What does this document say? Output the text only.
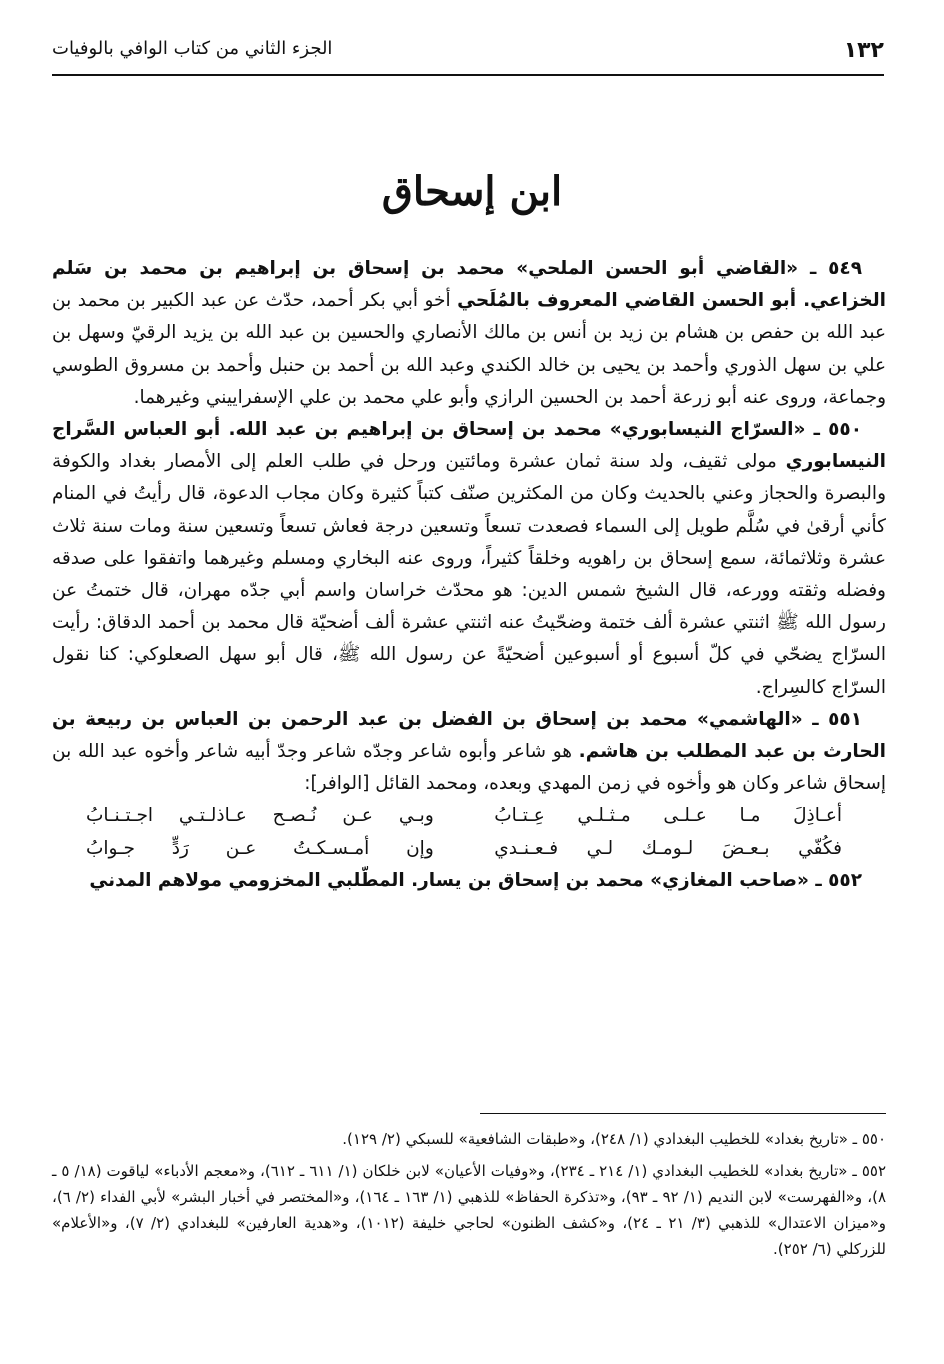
١٣٢
الجزء الثاني من كتاب الوافي بالوفيات
ابن إسحاق

٥٤٩ ـ «القاضي أبو الحسن الملحي» محمد بن إسحاق بن إبراهيم بن محمد بن سَلم الخزاعي. أبو الحسن القاضي المعروف بالمُلَحي أخو أبي بكر أحمد، حدّث عن عبد الكبير بن محمد بن عبد الله بن حفص بن هشام بن زيد بن أنس بن مالك الأنصاري والحسين بن عبد الله بن يزيد الرقيّ وسهل بن علي بن سهل الذوري وأحمد بن يحيى بن خالد الكندي وعبد الله بن أحمد بن حنبل وأحمد بن مسروق الطوسي وجماعة، وروى عنه أبو زرعة أحمد بن الحسين الرازي وأبو علي محمد بن علي الإسفراييني وغيرهما.

٥٥٠ ـ «السرّاج النيسابوري» محمد بن إسحاق بن إبراهيم بن عبد الله. أبو العباس السَّراج النيسابوري مولى ثقيف، ولد سنة ثمان عشرة ومائتين ورحل في طلب العلم إلى الأمصار بغداد والكوفة والبصرة والحجاز وعني بالحديث وكان من المكثرين صنّف كتباً كثيرة وكان مجاب الدعوة، قال رأيتُ في المنام كأني أرقىٰ في سُلَّم طويل إلى السماء فصعدت تسعاً وتسعين درجة فعاش تسعاً وتسعين سنة ومات سنة ثلاث عشرة وثلاثمائة، سمع إسحاق بن راهويه وخلقاً كثيراً، وروى عنه البخاري ومسلم وغيرهما واتفقوا على صدقه وفضله وثقته وورعه، قال الشيخ شمس الدين: هو محدّث خراسان واسم أبي جدّه مهران، قال ختمتُ عن رسول الله ﷺ اثنتي عشرة ألف ختمة وضحّيتُ عنه اثنتي عشرة ألف أضحيّة قال محمد بن أحمد الدقاق: رأيت السرّاج يضحّي في كلّ أسبوع أو أسبوعين أضحيّةً عن رسول الله ﷺ، قال أبو سهل الصعلوكي: كنا نقول السرّاج كالسِراج.

٥٥١ ـ «الهاشمي» محمد بن إسحاق بن الفضل بن عبد الرحمن بن العباس بن ربيعة بن الحارث بن عبد المطلب بن هاشم. هو شاعر وأبوه شاعر وجدّه شاعر وجدّ أبيه شاعر وأخوه عبد الله بن إسحاق شاعر وكان هو وأخوه في زمن المهدي وبعده، ومحمد القائل [الوافر]:

أعـاذِلَ مـا عـلـى مـثـلـي عِـتـابُ
وبـي عـن نُـصـح عـاذلـتـي اجـتـنـابُ
فكُفّي بـعـضَ لـومـك لـي فـعـنـدي
وإن أمـسـكـتُ عـن رَدٍّ جـوابُ

٥٥٢ ـ «صاحب المغازي» محمد بن إسحاق بن يسار. المطّلبي المخزومي مولاهم المدني

٥٥٠ ـ «تاريخ بغداد» للخطيب البغدادي (١/ ٢٤٨)، و«طبقات الشافعية» للسبكي (٢/ ١٢٩).

٥٥٢ ـ «تاريخ بغداد» للخطيب البغدادي (١/ ٢١٤ ـ ٢٣٤)، و«وفيات الأعيان» لابن خلكان (١/ ٦١١ ـ ٦١٢)، و«معجم الأدباء» لياقوت (١٨/ ٥ ـ ٨)، و«الفهرست» لابن النديم (١/ ٩٢ ـ ٩٣)، و«تذكرة الحفاظ» للذهبي (١/ ١٦٣ ـ ١٦٤)، و«المختصر في أخبار البشر» لأبي الفداء (٢/ ٦)، و«ميزان الاعتدال» للذهبي (٣/ ٢١ ـ ٢٤)، و«كشف الظنون» لحاجي خليفة (١٠١٢)، و«هدية العارفين» للبغدادي (٢/ ٧)، و«الأعلام» للزركلي (٦/ ٢٥٢).
